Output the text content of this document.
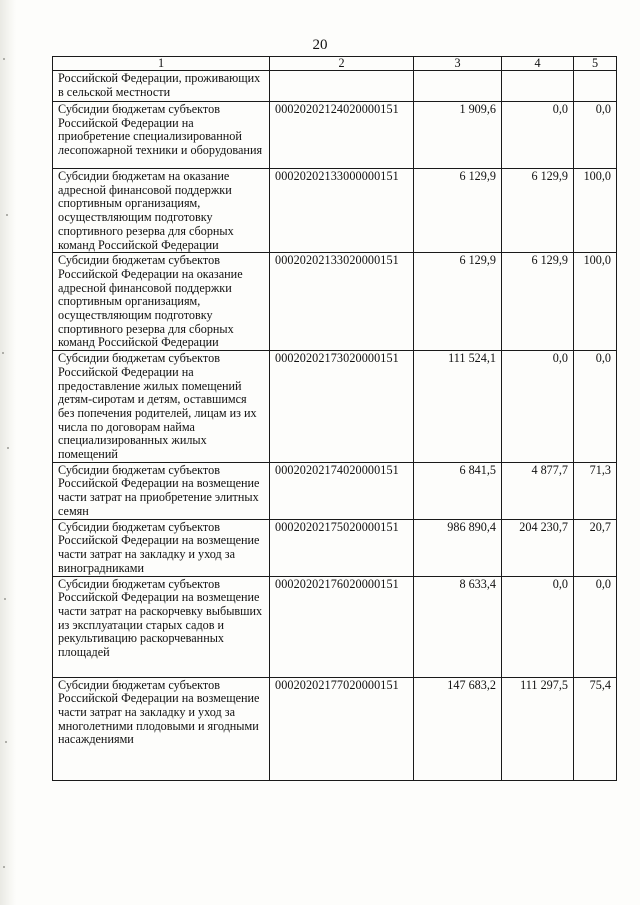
20
1	2	3	4	5
Российской Федерации, проживающих в сельской местности				
Субсидии бюджетам субъектов Российской Федерации на приобретение специализированной лесопожарной техники и оборудования	00020202124020000151	1 909,6	0,0	0,0
Субсидии бюджетам на оказание адресной финансовой поддержки спортивным организациям, осуществляющим подготовку спортивного резерва для сборных команд Российской Федерации	00020202133000000151	6 129,9	6 129,9	100,0
Субсидии бюджетам субъектов Российской Федерации на оказание адресной финансовой поддержки спортивным организациям, осуществляющим подготовку спортивного резерва для сборных команд Российской Федерации	00020202133020000151	6 129,9	6 129,9	100,0
Субсидии бюджетам субъектов Российской Федерации на предоставление жилых помещений детям-сиротам и детям, оставшимся без попечения родителей, лицам из их числа по договорам найма специализированных жилых помещений	00020202173020000151	111 524,1	0,0	0,0
Субсидии бюджетам субъектов Российской Федерации на возмещение части затрат на приобретение элитных семян	00020202174020000151	6 841,5	4 877,7	71,3
Субсидии бюджетам субъектов Российской Федерации на возмещение части затрат на закладку и уход за виноградниками	00020202175020000151	986 890,4	204 230,7	20,7
Субсидии бюджетам субъектов Российской Федерации на возмещение части затрат на раскорчевку выбывших из эксплуатации старых садов и рекультивацию раскорчеванных площадей	00020202176020000151	8 633,4	0,0	0,0
Субсидии бюджетам субъектов Российской Федерации на возмещение части затрат на закладку и уход за многолетними плодовыми и ягодными насаждениями	00020202177020000151	147 683,2	111 297,5	75,4
